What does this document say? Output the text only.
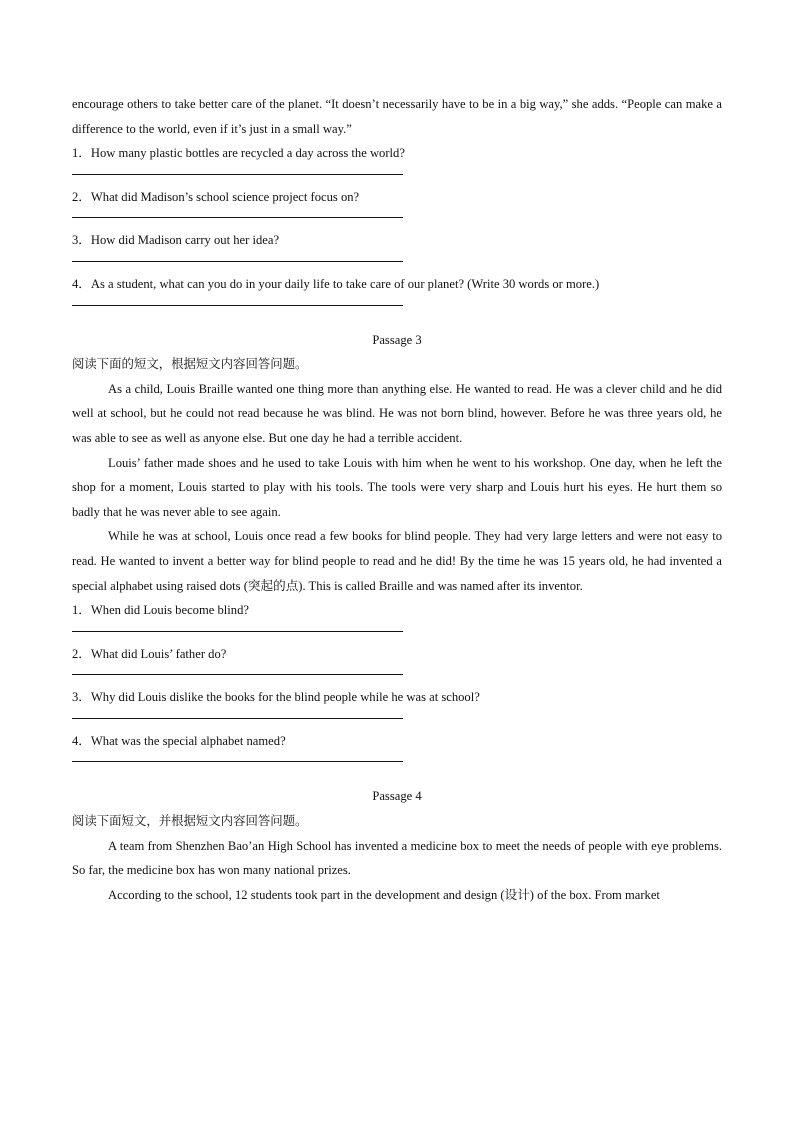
encourage others to take better care of the planet. “It doesn’t necessarily have to be in a big way,” she adds. “People can make a difference to the world, even if it’s just in a small way.”

1．How many plastic bottles are recycled a day across the world?

2．What did Madison’s school science project focus on?

3．How did Madison carry out her idea?

4．As a student, what can you do in your daily life to take care of our planet? (Write 30 words or more.)

Passage 3

阅读下面的短文，根据短文内容回答问题。

As a child, Louis Braille wanted one thing more than anything else. He wanted to read. He was a clever child and he did well at school, but he could not read because he was blind. He was not born blind, however. Before he was three years old, he was able to see as well as anyone else. But one day he had a terrible accident.

Louis’ father made shoes and he used to take Louis with him when he went to his workshop. One day, when he left the shop for a moment, Louis started to play with his tools. The tools were very sharp and Louis hurt his eyes. He hurt them so badly that he was never able to see again.

While he was at school, Louis once read a few books for blind people. They had very large letters and were not easy to read. He wanted to invent a better way for blind people to read and he did! By the time he was 15 years old, he had invented a special alphabet using raised dots (突起的点). This is called Braille and was named after its inventor.

1．When did Louis become blind?

2．What did Louis’ father do?

3．Why did Louis dislike the books for the blind people while he was at school?

4．What was the special alphabet named?

Passage 4

阅读下面短文，并根据短文内容回答问题。

A team from Shenzhen Bao’an High School has invented a medicine box to meet the needs of people with eye problems. So far, the medicine box has won many national prizes.

According to the school, 12 students took part in the development and design (设计) of the box. From market
